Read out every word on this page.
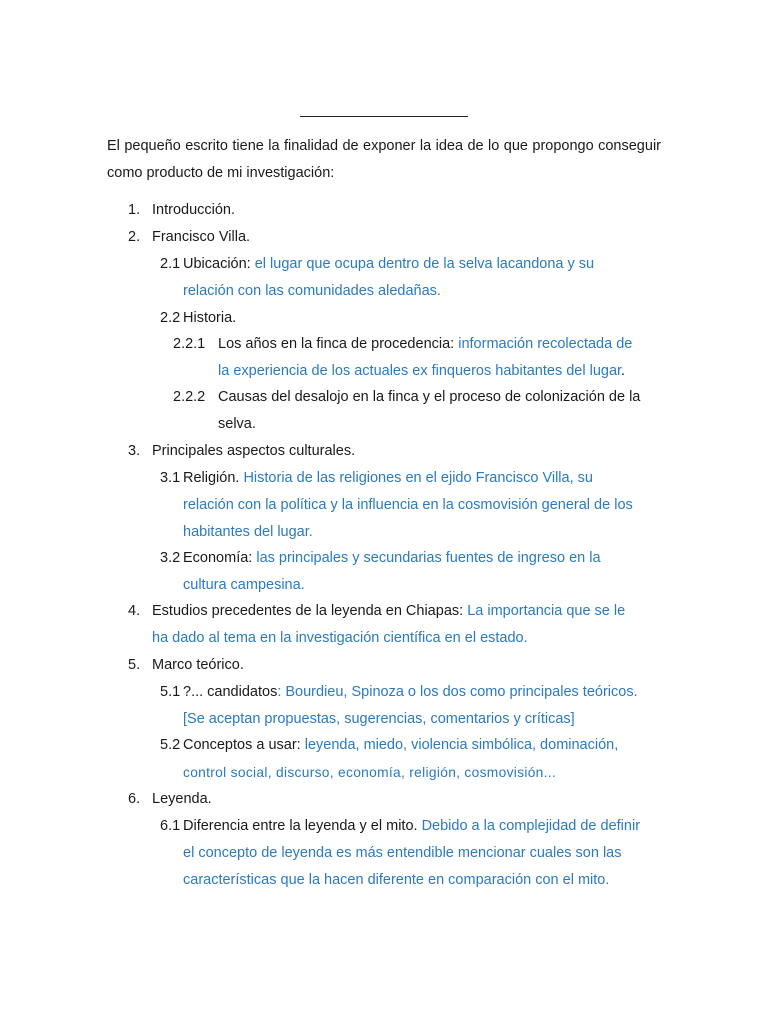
El pequeño escrito tiene la finalidad de exponer la idea de lo que propongo conseguir como producto de mi investigación:

1. Introducción.

2. Francisco Villa.

2.1 Ubicación: el lugar que ocupa dentro de la selva lacandona y su

relación con las comunidades aledañas.

2.2 Historia.

2.2.1 Los años en la finca de procedencia: información recolectada de

la experiencia de los actuales ex finqueros habitantes del lugar.

2.2.2 Causas del desalojo en la finca y el proceso de colonización de la

selva.

3. Principales aspectos culturales.

3.1 Religión. Historia de las religiones en el ejido Francisco Villa, su

relación con la política y la influencia en la cosmovisión general de los

habitantes del lugar.

3.2 Economía: las principales y secundarias fuentes de ingreso en la

cultura campesina.

4. Estudios precedentes de la leyenda en Chiapas: La importancia que se le

ha dado al tema en la investigación científica en el estado.

5. Marco teórico.

5.1 ?... candidatos: Bourdieu, Spinoza o los dos como principales teóricos.

[Se aceptan propuestas, sugerencias, comentarios y críticas]

5.2 Conceptos a usar: leyenda, miedo, violencia simbólica, dominación,

control social, discurso, economía, religión, cosmovisión...

6. Leyenda.

6.1 Diferencia entre la leyenda y el mito. Debido a la complejidad de definir

el concepto de leyenda es más entendible mencionar cuales son las

características que la hacen diferente en comparación con el mito.
